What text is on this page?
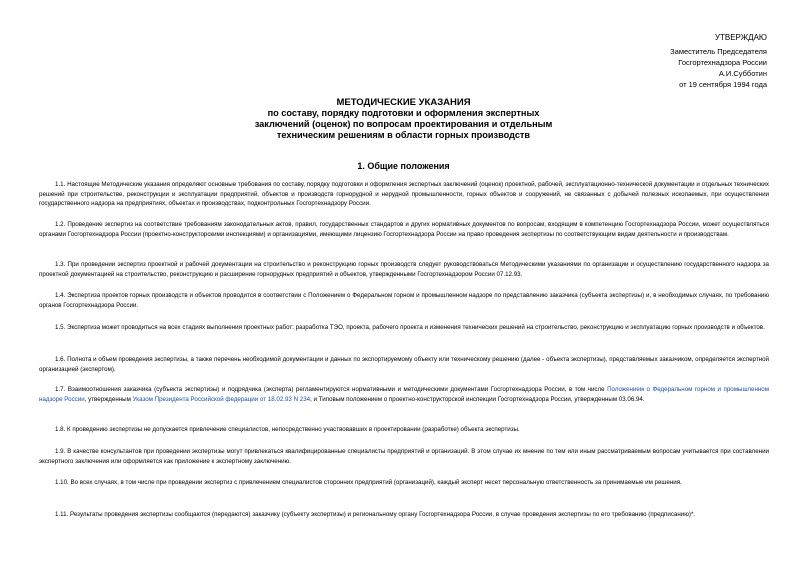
УТВЕРЖДАЮ
Заместитель Председателя
Госгортехнадзора России
А.И.Субботин
от 19 сентября 1994 года
МЕТОДИЧЕСКИЕ УКАЗАНИЯ
по составу, порядку подготовки и оформления экспертных
заключений (оценок) по вопросам проектирования и отдельным
техническим решениям в области горных производств
1. Общие положения

1.1. Настоящие Методические указания определяют основные требования по составу, порядку подготовки и оформления экспертных заключений (оценок) проектной, рабочей, эксплуатационно-технической документации и отдельных технических решений при строительстве, реконструкции и эксплуатации предприятий, объектов и производств горнорудной и нерудной промышленности, горных объектов и сооружений, не связанных с добычей полезных ископаемых, при осуществлении государственного надзора на предприятиях, объектах и производствах, подконтрольных Госгортехнадзору России.

1.2. Проведение экспертиз на соответствие требованиям законодательных актов, правил, государственных стандартов и других нормативных документов по вопросам, входящим в компетенцию Госгортехнадзора России, может осуществляться органами Госгортехнадзора России (проектно-конструкторскими инспекциями) и организациями, имеющими лицензию Госгортехнадзора России на право проведения экспертизы по соответствующим видам деятельности и производствам.

1.3. При проведении экспертиз проектной и рабочей документации на строительство и реконструкцию горных производств следует руководствоваться Методическими указаниями по организации и осуществлению государственного надзора за проектной документацией на строительство, реконструкцию и расширение горнорудных предприятий и объектов, утвержденными Госгортехнадзором России 07.12.93.

1.4. Экспертиза проектов горных производств и объектов проводится в соответствии с Положением о Федеральном горном и промышленном надзоре по представлению заказчика (субъекта экспертизы) и, в необходимых случаях, по требованию органов Госгортехнадзора России.

1.5. Экспертиза может проводиться на всех стадиях выполнения проектных работ: разработка ТЭО, проекта, рабочего проекта и изменения технических решений на строительство, реконструкцию и эксплуатацию горных производств и объектов.

1.6. Полнота и объем проведения экспертизы, а также перечень необходимой документации и данных по экспортируемому объекту или техническому решению (далее - объекта экспертизы), представляемых заказчиком, определяется экспертной организацией (экспертом).

1.7. Взаимоотношения заказчика (субъекта экспертизы) и подрядчика (эксперта) регламентируются нормативными и методическими документами Госгортехнадзора России, в том числе Положением о Федеральном горном и промышленном надзоре России, утвержденным Указом Президента Российской федерации от 18.02.93 N 234, и Типовым положением о проектно-конструкторской инспекции Госгортехнадзора России, утвержденным 03.06.94.

1.8. К проведению экспертизы не допускается привлечение специалистов, непосредственно участвовавших в проектировании (разработке) объекта экспертизы.

1.9. В качестве консультантов при проведении экспертизы могут привлекаться квалифицированные специалисты предприятий и организаций. В этом случае их мнение по тем или иным рассматриваемым вопросам учитывается при составлении экспертного заключения или оформляется как приложение к экспертному заключению.

1.10. Во всех случаях, в том числе при проведении экспертиз с привлечением специалистов сторонних предприятий (организаций), каждый эксперт несет персональную ответственность за принимаемые им решения.

1.11. Результаты проведения экспертизы сообщаются (передаются) заказчику (субъекту экспертизы) и региональному органу Госгортехнадзора России, в случае проведения экспертизы по его требованию (предписанию)*.
